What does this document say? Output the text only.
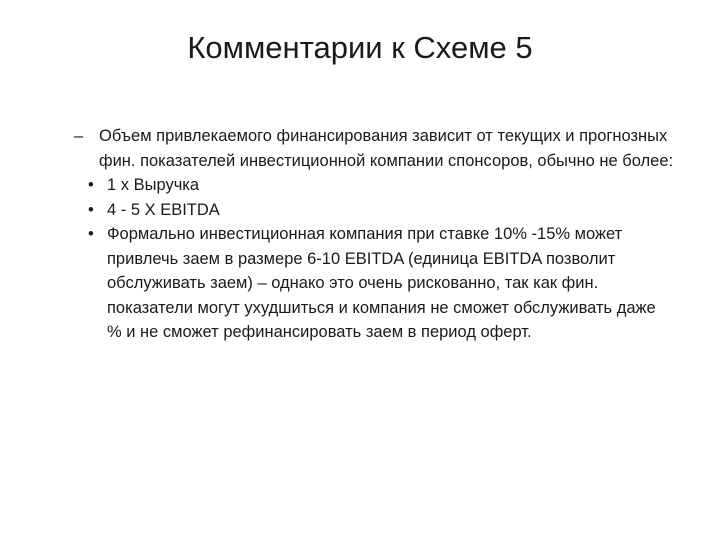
Комментарии к Схеме 5
– Объем привлекаемого финансирования зависит от текущих и прогнозных фин. показателей инвестиционной компании спонсоров, обычно не более:
• 1 х Выручка
• 4 - 5 X EBITDA
• Формально инвестиционная компания при ставке 10% -15% может привлечь заем в размере 6-10 EBITDA (единица EBITDA позволит обслуживать заем) – однако это очень рискованно, так как фин. показатели могут ухудшиться и компания не сможет обслуживать даже % и не сможет рефинансировать заем в период оферт.
